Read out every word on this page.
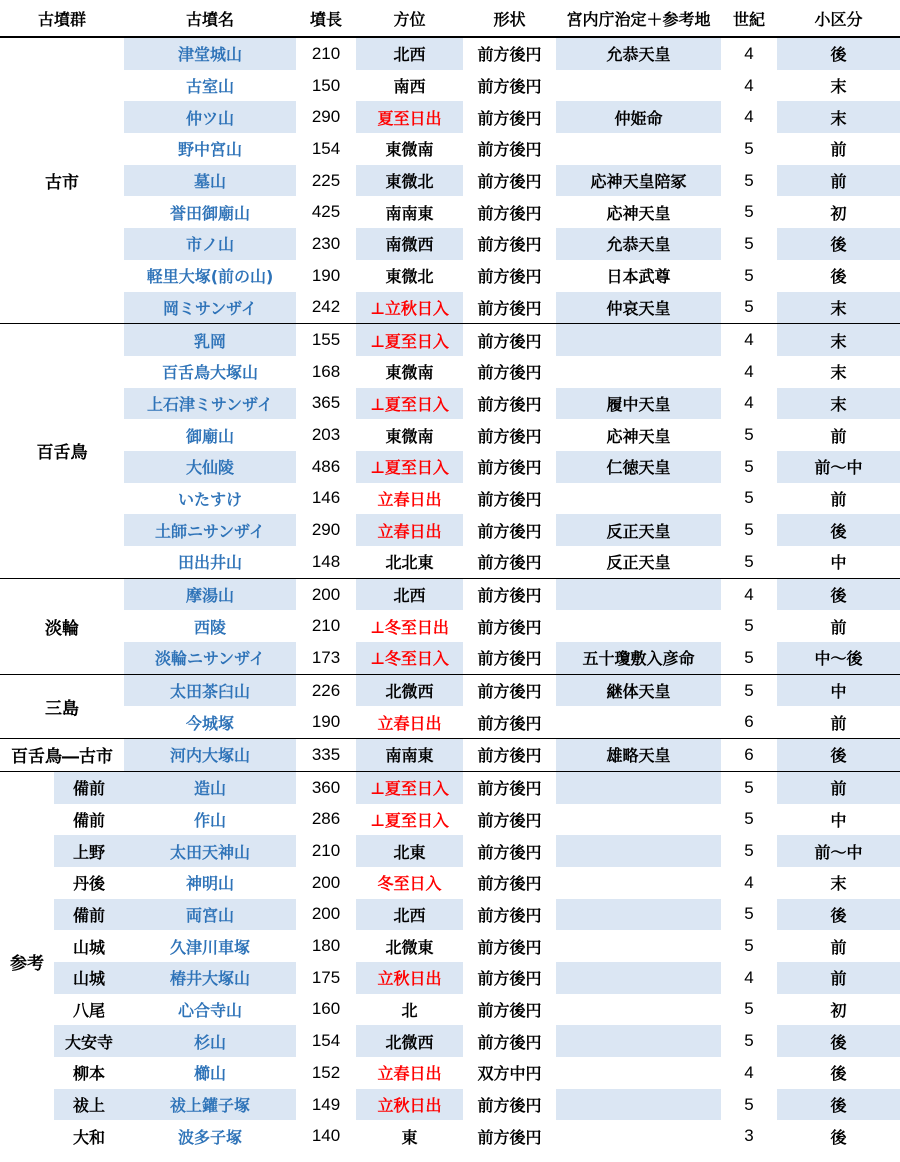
古墳群		古墳名	墳長	方位	形状	宮内庁治定＋参考地	世紀	小区分
古市		津堂城山	210	北西	前方後円	允恭天皇	4	後
		古室山	150	南西	前方後円		4	末
		仲ツ山	290	夏至日出	前方後円	仲姫命	4	末
		野中宮山	154	東微南	前方後円		5	前
		墓山	225	東微北	前方後円	応神天皇陪冢	5	前
		誉田御廟山	425	南南東	前方後円	応神天皇	5	初
		市ノ山	230	南微西	前方後円	允恭天皇	5	後
		軽里大塚(前の山)	190	東微北	前方後円	日本武尊	5	後
		岡ミサンザイ	242	⊥立秋日入	前方後円	仲哀天皇	5	末
百舌鳥		乳岡	155	⊥夏至日入	前方後円		4	末
		百舌鳥大塚山	168	東微南	前方後円		4	末
		上石津ミサンザイ	365	⊥夏至日入	前方後円	履中天皇	4	末
		御廟山	203	東微南	前方後円	応神天皇	5	前
		大仙陵	486	⊥夏至日入	前方後円	仁徳天皇	5	前～中
		いたすけ	146	立春日出	前方後円		5	前
		土師ニサンザイ	290	立春日出	前方後円	反正天皇	5	後
		田出井山	148	北北東	前方後円	反正天皇	5	中
淡輪		摩湯山	200	北西	前方後円		4	後
		西陵	210	⊥冬至日出	前方後円		5	前
		淡輪ニサンザイ	173	⊥冬至日入	前方後円	五十瓊敷入彦命	5	中～後
三島		太田茶臼山	226	北微西	前方後円	継体天皇	5	中
		今城塚	190	立春日出	前方後円		6	前
百舌鳥―古市		河内大塚山	335	南南東	前方後円	雄略天皇	6	後
参考	備前	造山	360	⊥夏至日入	前方後円		5	前
	備前	作山	286	⊥夏至日入	前方後円		5	中
	上野	太田天神山	210	北東	前方後円		5	前～中
	丹後	神明山	200	冬至日入	前方後円		4	末
	備前	両宮山	200	北西	前方後円		5	後
	山城	久津川車塚	180	北微東	前方後円		5	前
	山城	椿井大塚山	175	立秋日出	前方後円		4	前
	八尾	心合寺山	160	北	前方後円		5	初
	大安寺	杉山	154	北微西	前方後円		5	後
	柳本	櫛山	152	立春日出	双方中円		4	後
	祓上	祓上鑵子塚	149	立秋日出	前方後円		5	後
	大和	波多子塚	140	東	前方後円		3	後
